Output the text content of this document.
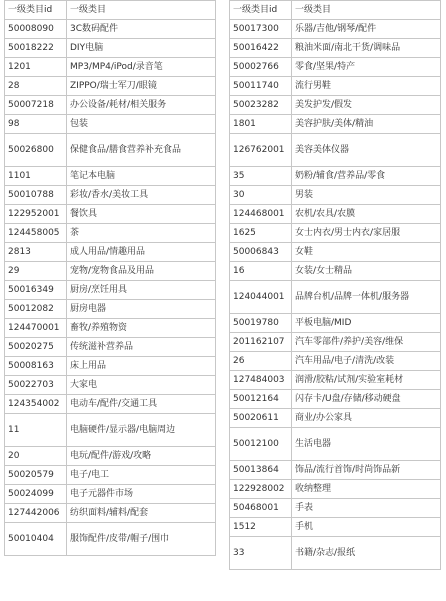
一级类目id	一级类目
50008090	3C数码配件
50018222	DIY电脑
1201	MP3/MP4/iPod/录音笔
28	ZIPPO/瑞士军刀/眼镜
50007218	办公设备/耗材/相关服务
98	包装
50026800	保健食品/膳食营养补充食品
1101	笔记本电脑
50010788	彩妆/香水/美妆工具
122952001	餐饮具
124458005	茶
2813	成人用品/情趣用品
29	宠物/宠物食品及用品
50016349	厨房/烹饪用具
50012082	厨房电器
124470001	畜牧/养殖物资
50020275	传统滋补营养品
50008163	床上用品
50022703	大家电
124354002	电动车/配件/交通工具
11	电脑硬件/显示器/电脑周边
20	电玩/配件/游戏/攻略
50020579	电子/电工
50024099	电子元器件市场
127442006	纺织面料/辅料/配套
50010404	服饰配件/皮带/帽子/围巾
一级类目id	一级类目
50017300	乐器/吉他/钢琴/配件
50016422	粮油米面/南北干货/调味品
50002766	零食/坚果/特产
50011740	流行男鞋
50023282	美发护发/假发
1801	美容护肤/美体/精油
126762001	美容美体仪器
35	奶粉/辅食/营养品/零食
30	男装
124468001	农机/农具/农膜
1625	女士内衣/男士内衣/家居服
50006843	女鞋
16	女装/女士精品
124044001	品牌台机/品牌一体机/服务器
50019780	平板电脑/MID
201162107	汽车零部件/养护/美容/维保
26	汽车用品/电子/清洗/改装
127484003	润滑/胶粘/试剂/实验室耗材
50012164	闪存卡/U盘/存储/移动硬盘
50020611	商业/办公家具
50012100	生活电器
50013864	饰品/流行首饰/时尚饰品新
122928002	收纳整理
50468001	手表
1512	手机
33	书籍/杂志/报纸
